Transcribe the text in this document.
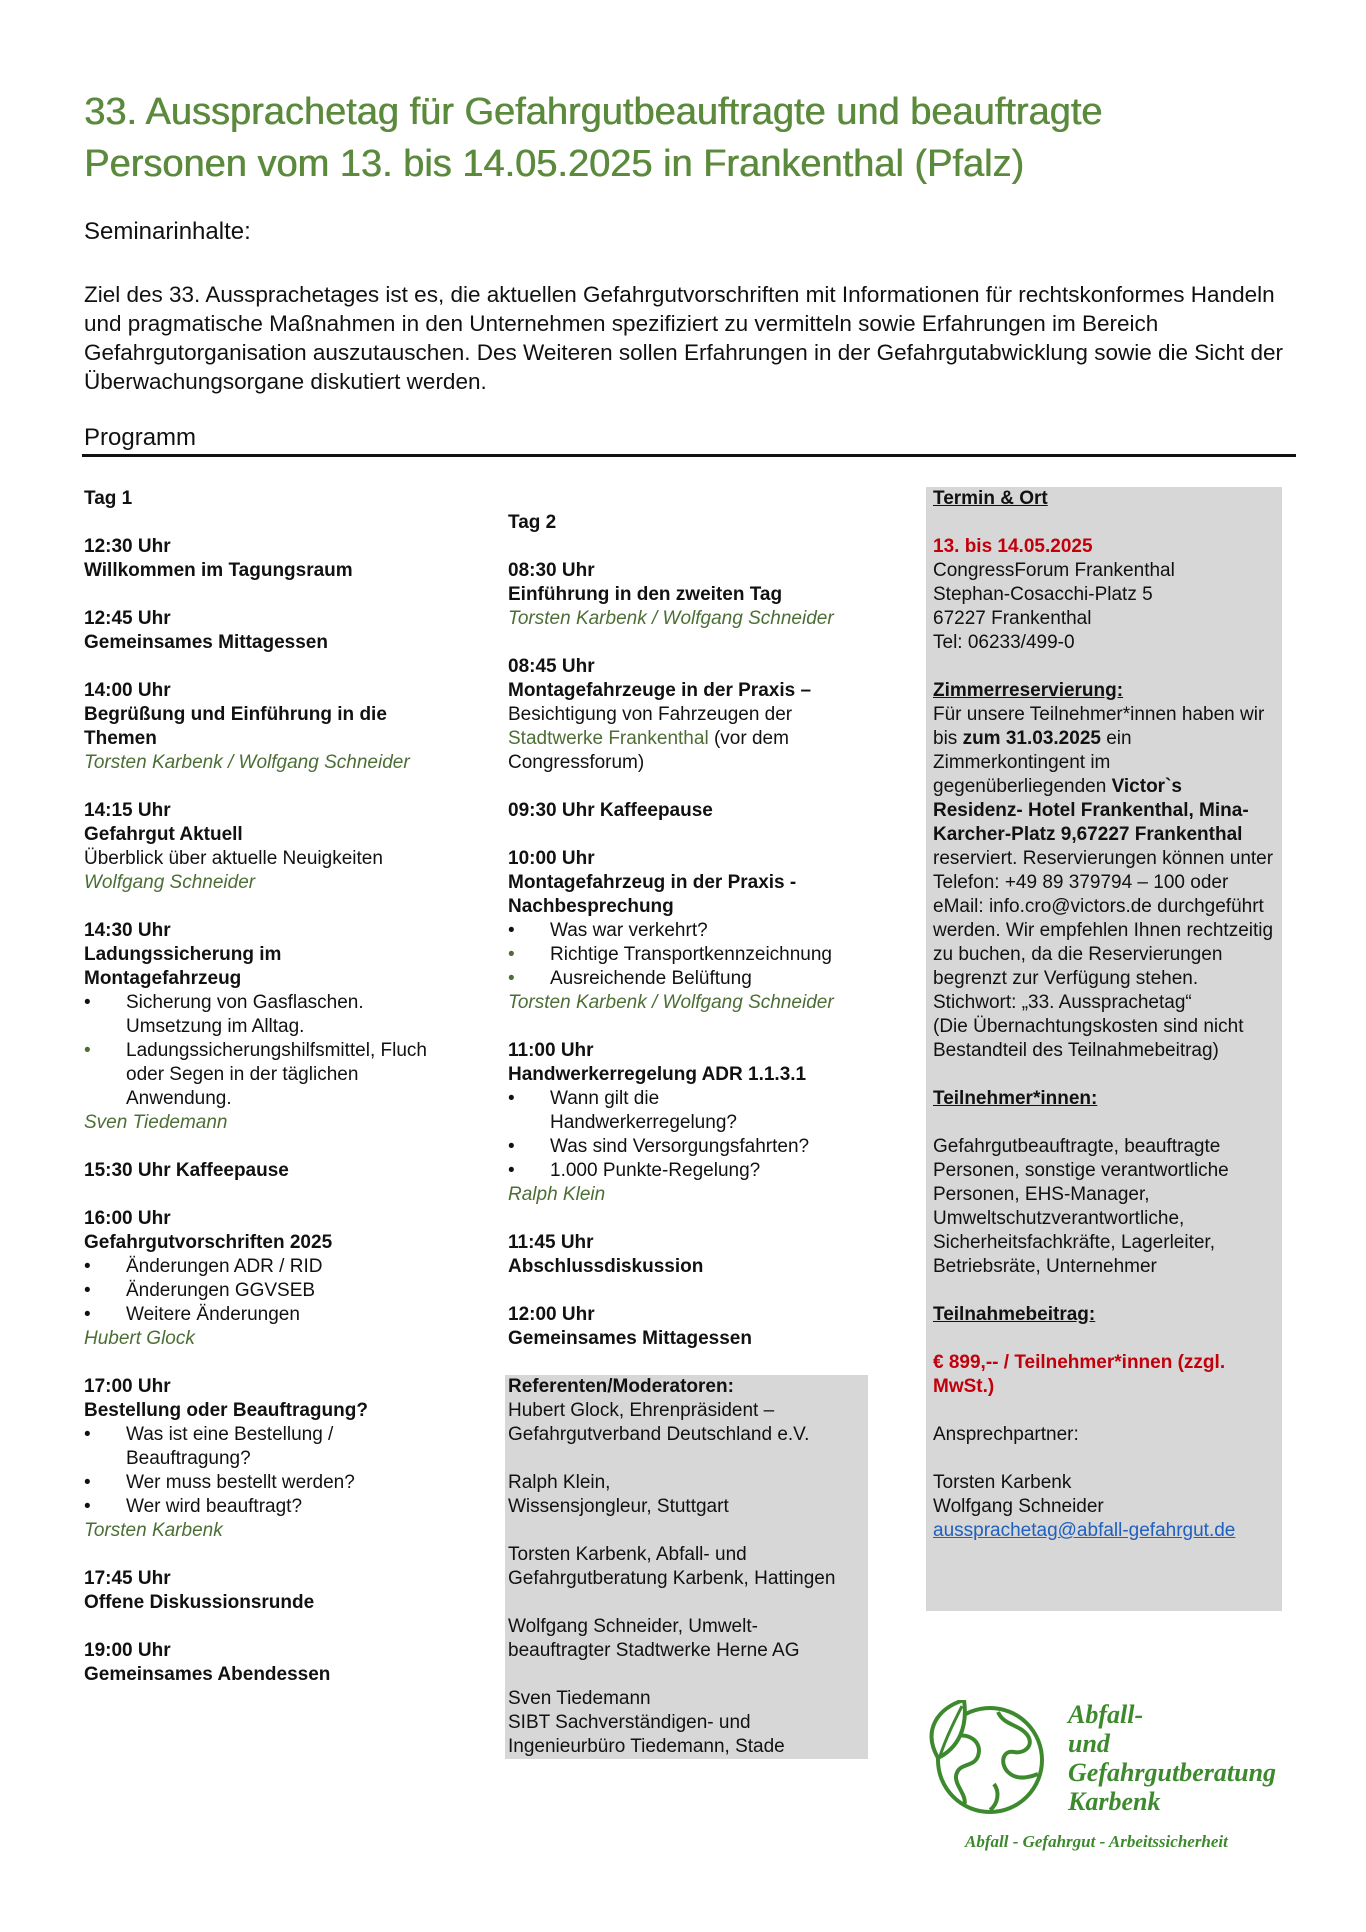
33. Aussprachetag für Gefahrgutbeauftragte und beauftragte
Personen vom 13. bis 14.05.2025 in Frankenthal (Pfalz)
Seminarinhalte:

Ziel des 33. Aussprachetages ist es, die aktuellen Gefahrgutvorschriften mit Informationen für rechtskonformes Handeln und pragmatische Maßnahmen in den Unternehmen spezifiziert zu vermitteln sowie Erfahrungen im Bereich Gefahrgutorganisation auszutauschen. Des Weiteren sollen Erfahrungen in der Gefahrgutabwicklung sowie die Sicht der Überwachungsorgane diskutiert werden.

Programm
Tag 1
12:30 Uhr
Willkommen im Tagungsraum
12:45 Uhr
Gemeinsames Mittagessen
14:00 Uhr
Begrüßung und Einführung in die Themen
Torsten Karbenk / Wolfgang Schneider
14:15 Uhr
Gefahrgut Aktuell
Überblick über aktuelle Neuigkeiten
Wolfgang Schneider
14:30 Uhr
Ladungssicherung im Montagefahrzeug
• Sicherung von Gasflaschen. Umsetzung im Alltag.
• Ladungssicherungshilfsmittel, Fluch oder Segen in der täglichen Anwendung.
Sven Tiedemann
15:30 Uhr Kaffeepause
16:00 Uhr
Gefahrgutvorschriften 2025
• Änderungen ADR / RID
• Änderungen GGVSEB
• Weitere Änderungen
Hubert Glock
17:00 Uhr
Bestellung oder Beauftragung?
• Was ist eine Bestellung / Beauftragung?
• Wer muss bestellt werden?
• Wer wird beauftragt?
Torsten Karbenk
17:45 Uhr
Offene Diskussionsrunde
19:00 Uhr
Gemeinsames Abendessen
Tag 2
08:30 Uhr
Einführung in den zweiten Tag
Torsten Karbenk / Wolfgang Schneider
08:45 Uhr
Montagefahrzeuge in der Praxis –
Besichtigung von Fahrzeugen der Stadtwerke Frankenthal (vor dem Congressforum)
09:30 Uhr Kaffeepause
10:00 Uhr
Montagefahrzeug in der Praxis - Nachbesprechung
• Was war verkehrt?
• Richtige Transportkennzeichnung
• Ausreichende Belüftung
Torsten Karbenk / Wolfgang Schneider
11:00 Uhr
Handwerkerregelung ADR 1.1.3.1
• Wann gilt die Handwerkerregelung?
• Was sind Versorgungsfahrten?
• 1.000 Punkte-Regelung?
Ralph Klein
11:45 Uhr
Abschlussdiskussion
12:00 Uhr
Gemeinsames Mittagessen
Referenten/Moderatoren:
Hubert Glock, Ehrenpräsident –
Gefahrgutverband Deutschland e.V.
Ralph Klein,
Wissensjongleur, Stuttgart
Torsten Karbenk, Abfall- und
Gefahrgutberatung Karbenk, Hattingen
Wolfgang Schneider, Umwelt-
beauftragter Stadtwerke Herne AG
Sven Tiedemann
SIBT Sachverständigen- und
Ingenieurbüro Tiedemann, Stade
Termin & Ort
13. bis 14.05.2025
CongressForum Frankenthal
Stephan-Cosacchi-Platz 5
67227 Frankenthal
Tel: 06233/499-0
Zimmerreservierung:
Für unsere Teilnehmer*innen haben wir bis zum 31.03.2025 ein Zimmerkontingent im gegenüberliegenden Victor`s Residenz- Hotel Frankenthal, Mina-Karcher-Platz 9,67227 Frankenthal reserviert. Reservierungen können unter Telefon: +49 89 379794 – 100 oder eMail: info.cro@victors.de durchgeführt werden. Wir empfehlen Ihnen rechtzeitig zu buchen, da die Reservierungen begrenzt zur Verfügung stehen.
Stichwort: „33. Aussprachetag“
(Die Übernachtungskosten sind nicht Bestandteil des Teilnahmebeitrag)
Teilnehmer*innen:
Gefahrgutbeauftragte, beauftragte Personen, sonstige verantwortliche Personen, EHS-Manager, Umweltschutzverantwortliche, Sicherheitsfachkräfte, Lagerleiter, Betriebsräte, Unternehmer
Teilnahmebeitrag:
€ 899,-- / Teilnehmer*innen (zzgl. MwSt.)
Ansprechpartner:
Torsten Karbenk
Wolfgang Schneider
aussprachetag@abfall-gefahrgut.de
Abfall-
und
Gefahrgutberatung
Karbenk
Abfall - Gefahrgut - Arbeitssicherheit
